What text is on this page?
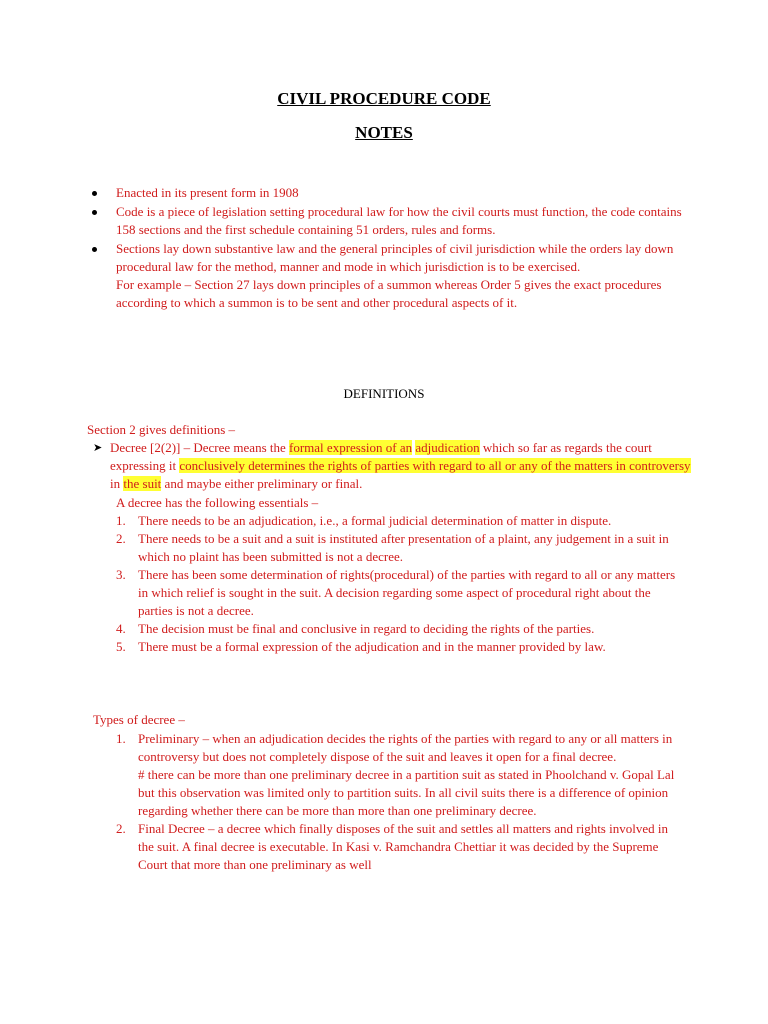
CIVIL PROCEDURE CODE
NOTES
Enacted in its present form in 1908
Code is a piece of legislation setting procedural law for how the civil courts must function, the code contains 158 sections and the first schedule containing 51 orders, rules and forms.
Sections lay down substantive law and the general principles of civil jurisdiction while the orders lay down procedural law for the method, manner and mode in which jurisdiction is to be exercised.
For example – Section 27 lays down principles of a summon whereas Order 5 gives the exact procedures according to which a summon is to be sent and other procedural aspects of it.
DEFINITIONS
Section 2 gives definitions –
➤ Decree [2(2)] – Decree means the formal expression of an adjudication which so far as regards the court expressing it conclusively determines the rights of parties with regard to all or any of the matters in controversy in the suit and maybe either preliminary or final.
A decree has the following essentials –
1. There needs to be an adjudication, i.e., a formal judicial determination of matter in dispute.
2. There needs to be a suit and a suit is instituted after presentation of a plaint, any judgement in a suit in which no plaint has been submitted is not a decree.
3. There has been some determination of rights(procedural) of the parties with regard to all or any matters in which relief is sought in the suit. A decision regarding some aspect of procedural right about the parties is not a decree.
4. The decision must be final and conclusive in regard to deciding the rights of the parties.
5. There must be a formal expression of the adjudication and in the manner provided by law.
Types of decree –
1. Preliminary – when an adjudication decides the rights of the parties with regard to any or all matters in controversy but does not completely dispose of the suit and leaves it open for a final decree.
# there can be more than one preliminary decree in a partition suit as stated in Phoolchand v. Gopal Lal but this observation was limited only to partition suits. In all civil suits there is a difference of opinion regarding whether there can be more than more than one preliminary decree.
2. Final Decree – a decree which finally disposes of the suit and settles all matters and rights involved in the suit. A final decree is executable. In Kasi v. Ramchandra Chettiar it was decided by the Supreme Court that more than one preliminary as well
